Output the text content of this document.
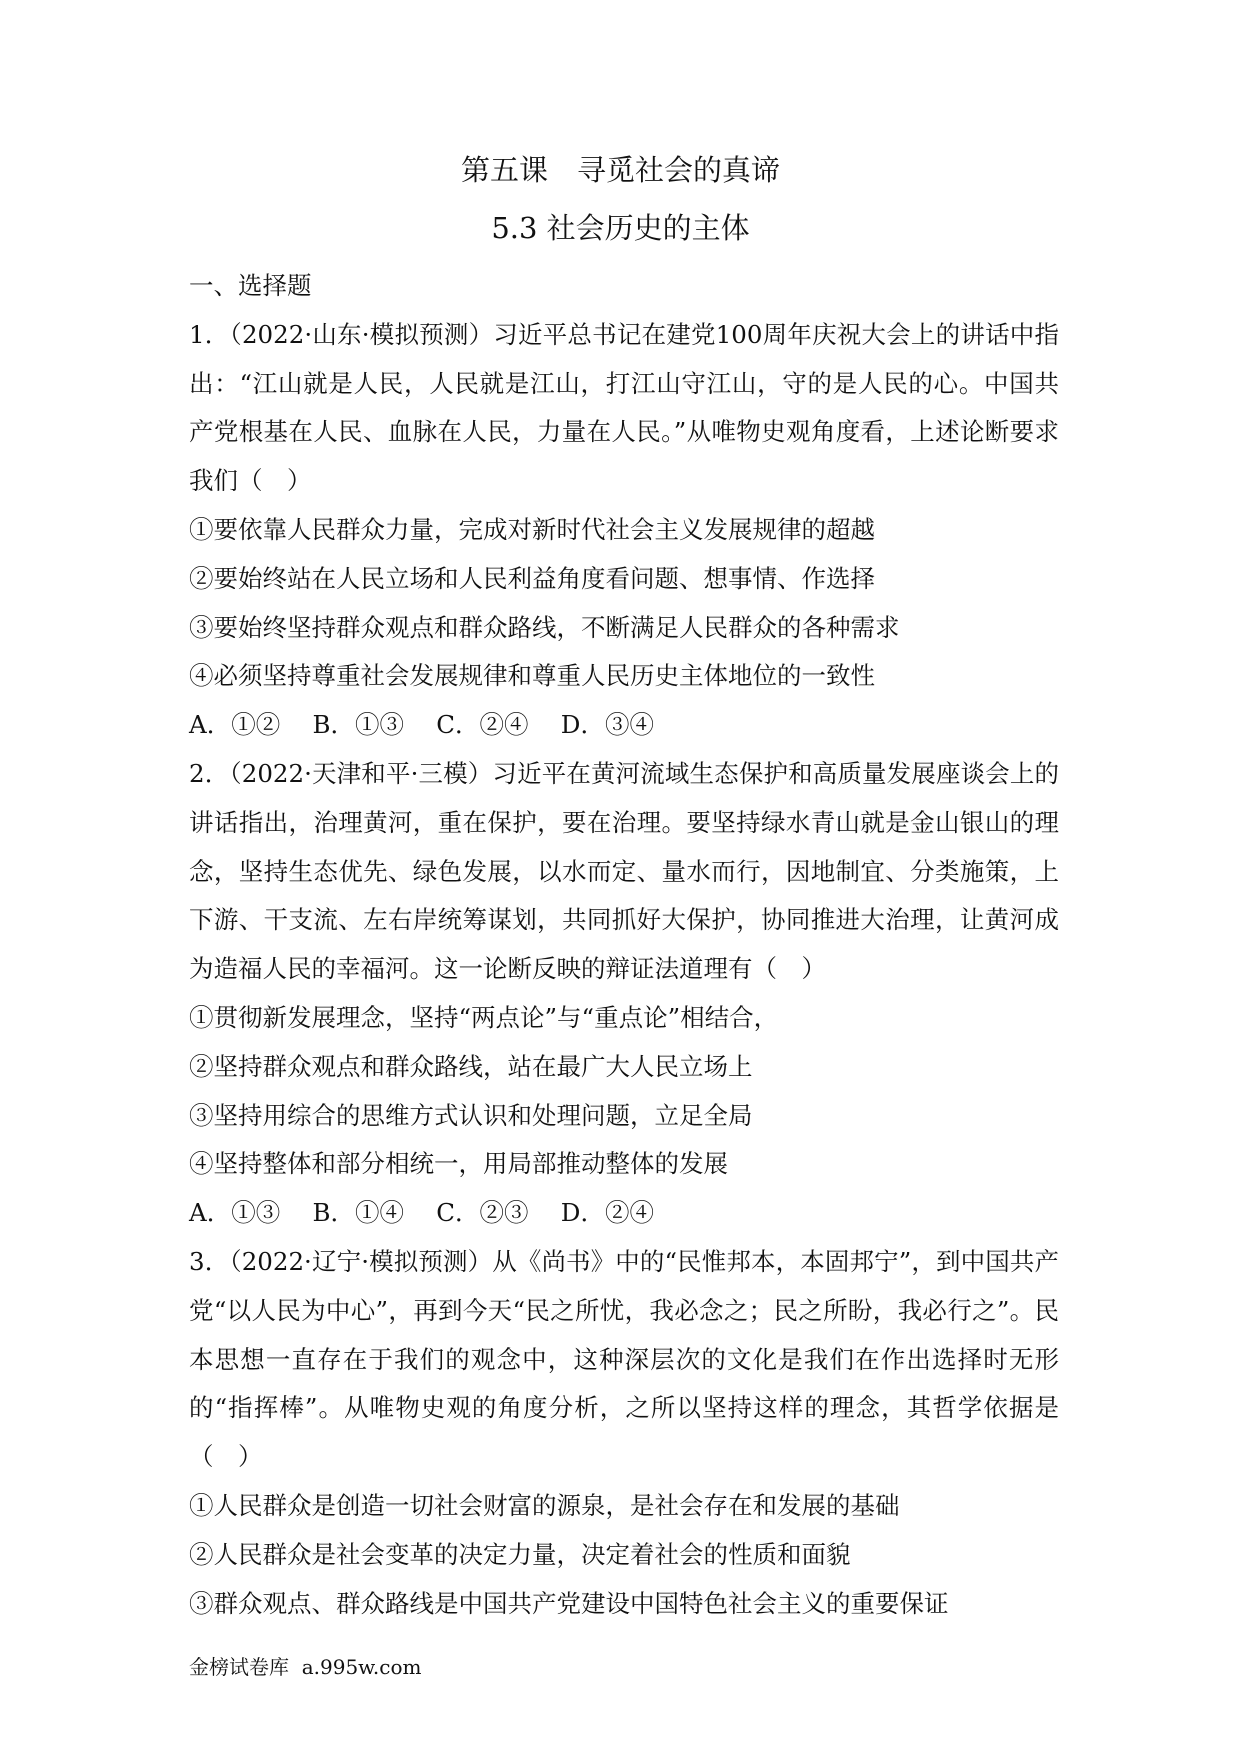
第五课　寻觅社会的真谛
5.3 社会历史的主体

一、选择题

1．（2022·山东·模拟预测）习近平总书记在建党100周年庆祝大会上的讲话中指出：“江山就是人民，人民就是江山，打江山守江山，守的是人民的心。中国共产党根基在人民、血脉在人民，力量在人民。”从唯物史观角度看，上述论断要求我们（　）

①要依靠人民群众力量，完成对新时代社会主义发展规律的超越

②要始终站在人民立场和人民利益角度看问题、想事情、作选择

③要始终坚持群众观点和群众路线，不断满足人民群众的各种需求

④必须坚持尊重社会发展规律和尊重人民历史主体地位的一致性

A．①②　 B．①③　 C．②④　 D．③④

2．（2022·天津和平·三模）习近平在黄河流域生态保护和高质量发展座谈会上的讲话指出，治理黄河，重在保护，要在治理。要坚持绿水青山就是金山银山的理念，坚持生态优先、绿色发展，以水而定、量水而行，因地制宜、分类施策，上下游、干支流、左右岸统筹谋划，共同抓好大保护，协同推进大治理，让黄河成为造福人民的幸福河。这一论断反映的辩证法道理有（　）

①贯彻新发展理念，坚持“两点论”与“重点论”相结合，

②坚持群众观点和群众路线，站在最广大人民立场上

③坚持用综合的思维方式认识和处理问题，立足全局

④坚持整体和部分相统一，用局部推动整体的发展

A．①③　 B．①④　 C．②③　 D．②④

3．（2022·辽宁·模拟预测）从《尚书》中的“民惟邦本，本固邦宁”，到中国共产党“以人民为中心”，再到今天“民之所忧，我必念之；民之所盼，我必行之”。民本思想一直存在于我们的观念中，这种深层次的文化是我们在作出选择时无形的“指挥棒”。从唯物史观的角度分析，之所以坚持这样的理念，其哲学依据是（　）

①人民群众是创造一切社会财富的源泉，是社会存在和发展的基础

②人民群众是社会变革的决定力量，决定着社会的性质和面貌

③群众观点、群众路线是中国共产党建设中国特色社会主义的重要保证

金榜试卷库  a.995w.com
